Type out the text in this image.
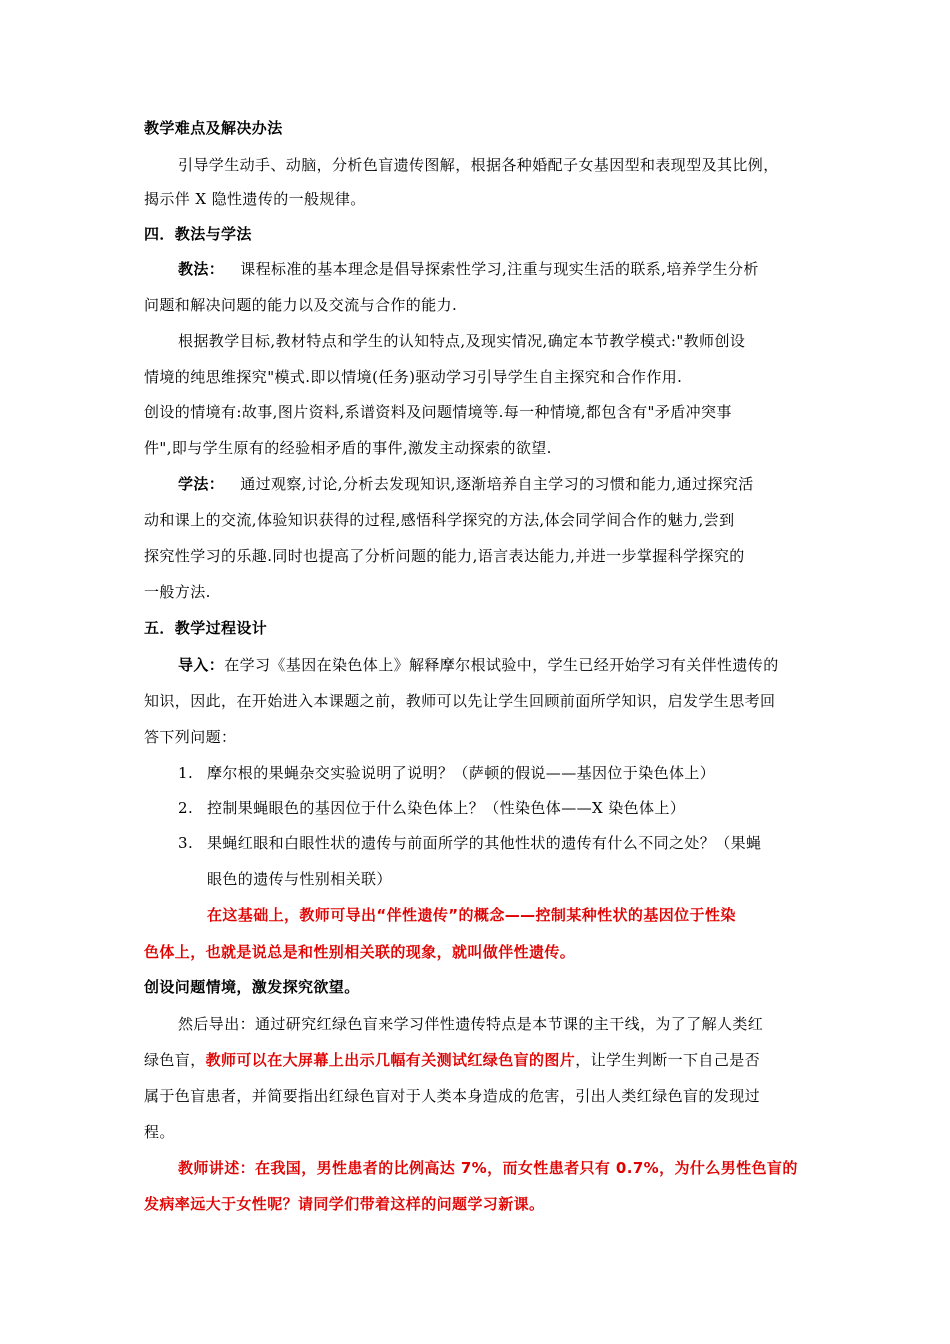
教学难点及解决办法
引导学生动手、动脑，分析色盲遗传图解，根据各种婚配子女基因型和表现型及其比例，
揭示伴 X 隐性遗传的一般规律。
四．教法与学法
教法： 课程标准的基本理念是倡导探索性学习,注重与现实生活的联系,培养学生分析
问题和解决问题的能力以及交流与合作的能力.
根据教学目标,教材特点和学生的认知特点,及现实情况,确定本节教学模式:"教师创设
情境的纯思维探究"模式.即以情境(任务)驱动学习引导学生自主探究和合作作用.
创设的情境有:故事,图片资料,系谱资料及问题情境等.每一种情境,都包含有"矛盾冲突事
件",即与学生原有的经验相矛盾的事件,激发主动探索的欲望.
学法： 通过观察,讨论,分析去发现知识,逐渐培养自主学习的习惯和能力,通过探究活
动和课上的交流,体验知识获得的过程,感悟科学探究的方法,体会同学间合作的魅力,尝到
探究性学习的乐趣.同时也提高了分析问题的能力,语言表达能力,并进一步掌握科学探究的
一般方法.
五．教学过程设计
导入：在学习《基因在染色体上》解释摩尔根试验中，学生已经开始学习有关伴性遗传的
知识，因此，在开始进入本课题之前，教师可以先让学生回顾前面所学知识，启发学生思考回
答下列问题：
1. 摩尔根的果蝇杂交实验说明了说明？（萨顿的假说——基因位于染色体上）
2. 控制果蝇眼色的基因位于什么染色体上？（性染色体——X 染色体上）
3. 果蝇红眼和白眼性状的遗传与前面所学的其他性状的遗传有什么不同之处？（果蝇
眼色的遗传与性别相关联）
在这基础上，教师可导出“伴性遗传”的概念——控制某种性状的基因位于性染
色体上，也就是说总是和性别相关联的现象，就叫做伴性遗传。
创设问题情境，激发探究欲望。
然后导出：通过研究红绿色盲来学习伴性遗传特点是本节课的主干线，为了了解人类红
绿色盲，教师可以在大屏幕上出示几幅有关测试红绿色盲的图片，让学生判断一下自己是否
属于色盲患者，并简要指出红绿色盲对于人类本身造成的危害，引出人类红绿色盲的发现过
程。
教师讲述：在我国，男性患者的比例高达 7%，而女性患者只有 0.7%，为什么男性色盲的
发病率远大于女性呢？请同学们带着这样的问题学习新课。
